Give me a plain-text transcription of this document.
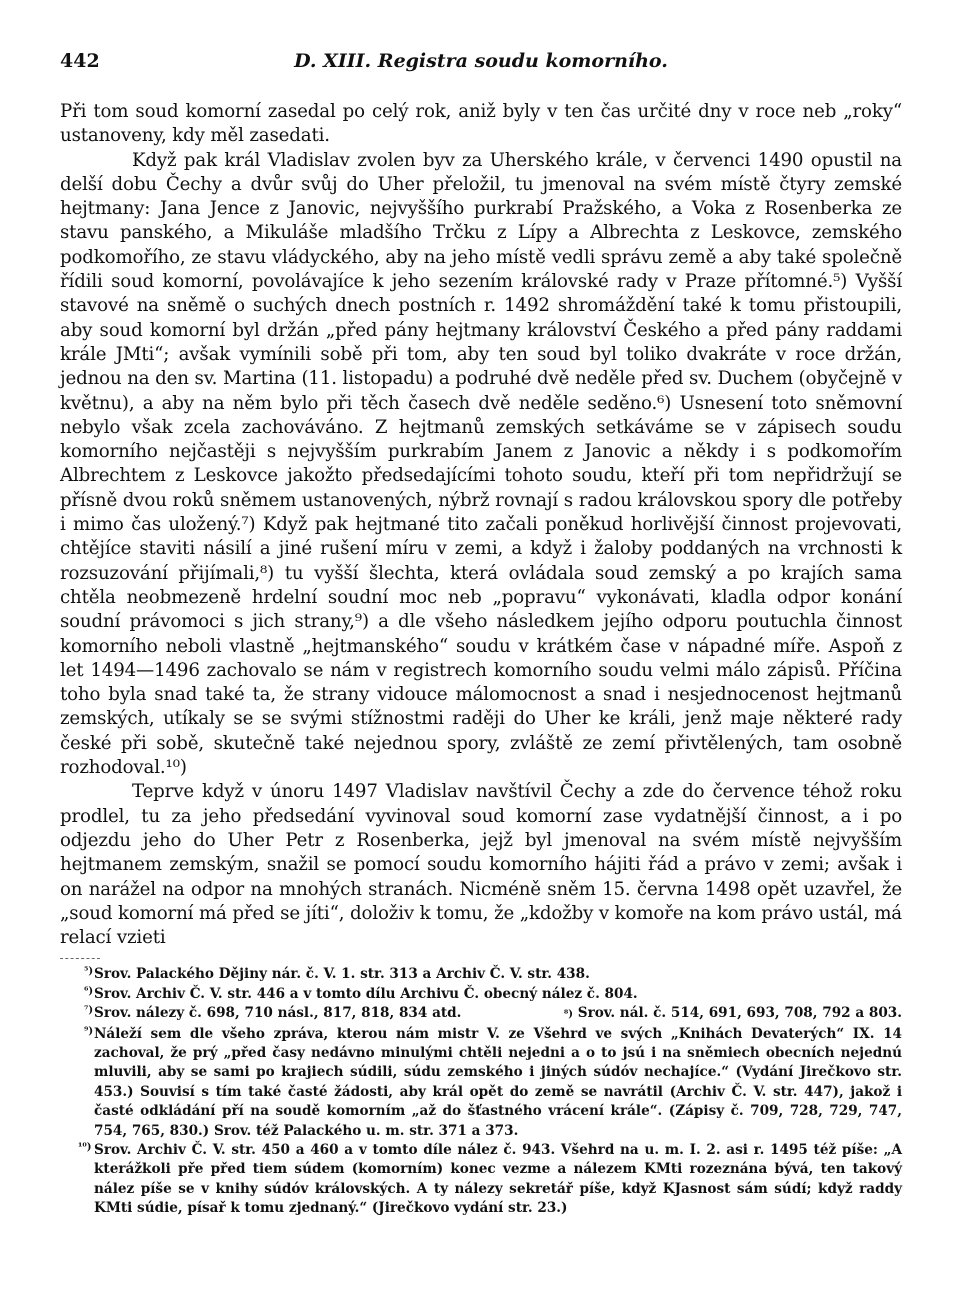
442	D. XIII. Registra soudu komorního.

Při tom soud komorní zasedal po celý rok, aniž byly v ten čas určité dny v roce neb „roky“ ustanoveny, kdy měl zasedati.

Když pak král Vladislav zvolen byv za Uherského krále, v červenci 1490 opustil na delší dobu Čechy a dvůr svůj do Uher přeložil, tu jmenoval na svém místě čtyry zemské hejtmany: Jana Jence z Janovic, nejvyššího purkrabí Pražského, a Voka z Rosenberka ze stavu panského, a Mikuláše mladšího Trčku z Lípy a Albrechta z Leskovce, zemského podkomořího, ze stavu vládyckého, aby na jeho místě vedli správu země a aby také společně řídili soud komorní, povolávajíce k jeho sezením královské rady v Praze přítomné.⁵) Vyšší stavové na sněmě o suchých dnech postních r. 1492 shromáždění také k tomu přistoupili, aby soud komorní byl držán „před pány hejtmany království Českého a před pány raddami krále JMti“; avšak vymínili sobě při tom, aby ten soud byl toliko dvakráte v roce držán, jednou na den sv. Martina (11. listopadu) a podruhé dvě neděle před sv. Duchem (obyčejně v květnu), a aby na něm bylo při těch časech dvě neděle seděno.⁶) Usnesení toto sněmovní nebylo však zcela zachováváno. Z hejtmanů zemských setkáváme se v zápisech soudu komorního nejčastěji s nejvyšším purkrabím Janem z Janovic a někdy i s podkomořím Albrechtem z Leskovce jakožto předsedajícími tohoto soudu, kteří při tom nepřidržují se přísně dvou roků sněmem ustanovených, nýbrž rovnají s radou královskou spory dle potřeby i mimo čas uložený.⁷) Když pak hejtmané tito začali poněkud horlivější činnost projevovati, chtějíce staviti násilí a jiné rušení míru v zemi, a když i žaloby poddaných na vrchnosti k rozsuzování přijímali,⁸) tu vyšší šlechta, která ovládala soud zemský a po krajích sama chtěla neobmezeně hrdelní soudní moc neb „popravu“ vykonávati, kladla odpor konání soudní právomoci s jich strany,⁹) a dle všeho následkem jejího odporu poutuchla činnost komorního neboli vlastně „hejtmanského“ soudu v krátkém čase v nápadné míře. Aspoň z let 1494—1496 zachovalo se nám v registrech komorního soudu velmi málo zápisů. Příčina toho byla snad také ta, že strany vidouce málomocnost a snad i nesjednocenost hejtmanů zemských, utíkaly se se svými stížnostmi raději do Uher ke králi, jenž maje některé rady české při sobě, skutečně také nejednou spory, zvláště ze zemí přivtělených, tam osobně rozhodoval.¹⁰)

Teprve když v únoru 1497 Vladislav navštívil Čechy a zde do července téhož roku prodlel, tu za jeho předsedání vyvinoval soud komorní zase vydatnější činnost, a i po odjezdu jeho do Uher Petr z Rosenberka, jejž byl jmenoval na svém místě nejvyšším hejtmanem zemským, snažil se pomocí soudu komorního hájiti řád a právo v zemi; avšak i on narážel na odpor na mnohých stranách. Nicméně sněm 15. června 1498 opět uzavřel, že „soud komorní má před se jíti“, doloživ k tomu, že „kdožby v komoře na kom právo ustál, má relací vzieti

⁵) Srov. Palackého Dějiny nár. č. V. 1. str. 313 a Archiv Č. V. str. 438.

⁶) Srov. Archiv Č. V. str. 446 a v tomto dílu Archivu Č. obecný nález č. 804.

⁷) Srov. nálezy č. 698, 710 násl., 817, 818, 834 atd.	⁸) Srov. nál. č. 514, 691, 693, 708, 792 a 803.

⁹) Náleží sem dle všeho zpráva, kterou nám mistr V. ze Všehrd ve svých „Knihách Devaterých“ IX. 14 zachoval, že prý „před časy nedávno minulými chtěli nejedni a o to jsú i na sněmiech obecních nejednú mluvili, aby se sami po krajiech súdili, súdu zemského i jiných súdóv nechajíce.“ (Vydání Jirečkovo str. 453.) Souvisí s tím také časté žádosti, aby král opět do země se navrátil (Archiv Č. V. str. 447), jakož i časté odkládání pří na soudě komorním „až do šťastného vrácení krále“. (Zápisy č. 709, 728, 729, 747, 754, 765, 830.) Srov. též Palackého u. m. str. 371 a 373.

¹⁰) Srov. Archiv Č. V. str. 450 a 460 a v tomto díle nález č. 943. Všehrd na u. m. I. 2. asi r. 1495 též píše: „A kterážkoli pře před tiem súdem (komorním) konec vezme a nálezem KMti rozeznána bývá, ten takový nález píše se v knihy súdóv královských. A ty nálezy sekretář píše, když KJasnost sám súdí; když raddy KMti súdie, písař k tomu zjednaný.“ (Jirečkovo vydání str. 23.)
